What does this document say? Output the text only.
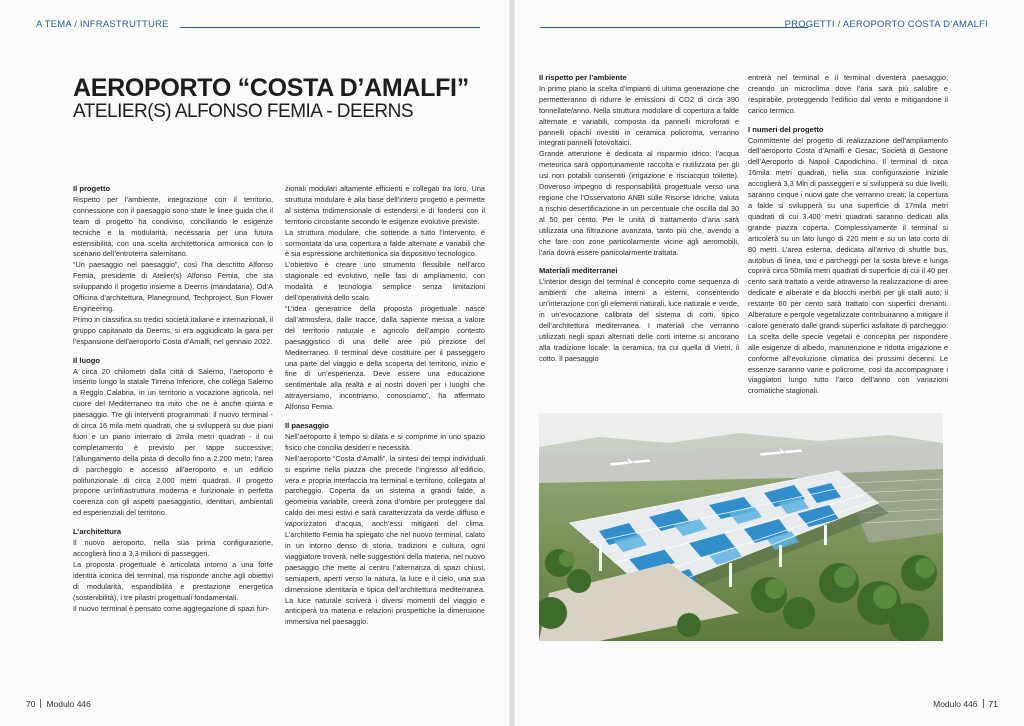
A TEMA / INFRASTRUTTURE	PROGETTI / AEROPORTO COSTA D’AMALFI
AEROPORTO “COSTA D’AMALFI”
ATELIER(S) ALFONSO FEMIA - DEERNS
Il progetto

Rispetto per l’ambiente, integrazione con il territorio, connessione con il paesaggio sono state le linee guida che il team di progetto ha condiviso, conciliando le esigenze tecniche e la modularità, necessaria per una futura estensibilità, con una scelta architettonica armonica con lo scenario dell’entroterra salernitano.

“Un paesaggio nel paesaggio”, così l’ha descritto Alfonso Femia, presidente di Atelier(s) Alfonso Femia, che sta sviluppando il progetto insieme a Deerns (mandataria), Od’A Officina d’architettura, Planeground, Techproject, Sun Flower Engineering.

Primo in classifica su tredici società italiane e internazionali, il gruppo capitanato da Deerns, si era aggiudicato la gara per l’espansione dell’aeroporto Costa d’Amalfi, nel gennaio 2022.

Il luogo

A circa 20 chilometri dalla città di Salerno, l’aeroporto è inserito lungo la statale Tirrena Inferiore, che collega Salerno a Reggio Calabria, in un territorio a vocazione agricola, nel cuore del Mediterraneo tra mito che ne è anche quinta e paesaggio. Tre gli interventi programmati: il nuovo terminal - di circa 16 mila metri quadrati, che si svilupperà su due piani fuori e un piano interrato di 2mila metri quadrati - il cui completamento è previsto per tappe successive; l’allungamento della pista di decollo fino a 2.200 metri; l’area di parcheggio e accesso all’aeroporto e un edificio polifunzionale di circa 2.000 metri quadrati. Il progetto propone un’infrastruttura moderna e funzionale in perfetta coerenza con gli aspetti paesaggistici, identitari, ambientali ed esperienziali del territorio.

L’architettura

Il nuovo aeroporto, nella sua prima configurazione, accoglierà fino a 3,3 milioni di passeggeri.

La proposta progettuale è articolata intorno a una forte identità iconica del terminal, ma risponde anche agli obiettivi di modularità, espandibilità e prestazione energetica (sostenibilità), i tre pilastri progettuali fondamentali.

Il nuovo terminal è pensato come aggregazione di spazi fun-

zionali modulari altamente efficienti e collegati tra loro. Una struttura modulare è alla base dell’intero progetto e permette al sistema tridimensionale di estendersi e di fondersi con il territorio circostante secondo le esigenze evolutive previste.

La struttura modulare, che sottende a tutto l’intervento, è sormontata da una copertura a falde alternate e variabili che è sia espressione architettonica sia dispositivo tecnologico.

L’obiettivo è creare uno strumento flessibile nell’arco stagionale ed evolutivo, nelle fasi di ampliamento, con modalità e tecnologia semplice senza limitazioni dell’operatività dello scalo.

“L’idea generatrice della proposta progettuale nasce dall’atmosfera, dalle tracce, dalla sapiente messa a valore del territorio naturale e agricolo dell’ampio contesto paesaggistico di una delle aree più preziose del Mediterraneo. Il terminal deve costituire per il passeggero una parte del viaggio e della scoperta del territorio, inizio e fine di un’esperienza. Deve essere una educazione sentimentale alla realtà e ai nostri doveri per i luoghi che attraversiamo, incontriamo, conosciamo”, ha affermato Alfonso Femia.

Il paesaggio

Nell’aeroporto il tempo si dilata e si comprime in uno spazio fisico che concilia desideri e necessità.

Nell’aeroporto “Costa d’Amalfi”, la sintesi dei tempi individuali si esprime nella piazza che precede l’ingresso all’edificio, vera e propria interfaccia tra terminal e territorio, collegata al parcheggio. Coperta da un sistema a grandi falde, a geometria variabile, creerà zona d’ombre per proteggere dal caldo dei mesi estivi e sarà caratterizzata da verde diffuso e vaporizzatori d’acqua, anch’essi mitiganti del clima. L’architetto Femia ha spiegato che nel nuovo terminal, calato in un intorno denso di storia, tradizioni e cultura, ogni viaggiatore troverà, nelle suggestioni della materia, nel nuovo paesaggio che mette al centro l’alternanza di spazi chiusi, semiaperti, aperti verso la natura, la luce e il cielo, una sua dimensione identitaria e tipica dell’architettura mediterranea. La luce naturale scriverà i diversi momenti del viaggio e anticiperà tra materia e relazioni prospettiche la dimensione immersiva nel paesaggio.

Il rispetto per l’ambiente

In primo piano la scelta d’impianti di ultima generazione che permetteranno di ridurre le emissioni di CO2 di circa 390 tonnellate/anno. Nella struttura modulare di copertura a falde alternate e variabili, composta da pannelli microforati e pannelli opachi rivestiti in ceramica policroma, verranno integrati pannelli fotovoltaici.

Grande attenzione è dedicata al risparmio idrico: l’acqua meteorica sarà opportunamente raccolta e riutilizzata per gli usi non potabili consentiti (irrigazione e risciacquo toilette). Doveroso impegno di responsabilità progettuale verso una regione che l’Osservatorio ANBI sulle Risorse Idriche, valuta a rischio desertificazione in un percentuale che oscilla dal 30 al 50 per cento. Per le unità di trattamento d’aria sarà utilizzata una filtrazione avanzata, tanto più che, avendo a che fare con zone particolarmente vicine agli aeromobili, l’aria dovrà essere particolarmente trattata.

Materiali mediterranei

L’interior design del terminal è concepito come sequenza di ambienti che alterna interni a esterni, consentendo un’interazione con gli elementi naturali, luce naturale e verde, in un’evocazione calibrata del sistema di corti, tipico dell’architettura mediterranea. I materiali che verranno utilizzati negli spazi alternati delle corti interne si ancorano alla tradizione locale: la ceramica, tra cui quella di Vietri, il cotto. Il paesaggio

entrerà nel terminal e il terminal diventerà paesaggio, creando un microclima dove l’aria sarà più salubre e respirabile, proteggendo l’edificio dal vento e mitigandone il carico termico.

I numeri del progetto

Committente del progetto di realizzazione dell’ampliamento dell’aeroporto Costa d’Amalfi è Gesac, Società di Gestione dell’Aeroporto di Napoli Capodichino. Il terminal di circa 16mila metri quadrati, nella sua configurazione iniziale accoglierà 3,3 Mln di passeggeri e si svilupperà su due livelli; saranno cinque i nuovi gate che verranno creati; la copertura a falde si svilupperà su una superficie di 17mila metri quadrati di cui 3.400 metri quadrati saranno dedicati alla grande piazza coperta. Complessivamente il terminal si articolerà su un lato lungo di 220 metri e su un lato corto di 80 metri. L’area esterna, dedicata all’arrivo di shuttle bus, autobus di linea, taxi e parcheggi per la sosta breve e lunga coprirà circa 50mila metri quadrati di superficie di cui il 40 per cento sarà trattato a verde attraverso la realizzazione di aree dedicate e alberate e da blocchi inerbiti per gli stalli auto; il restante 60 per cento sarà trattato con superfici drenanti. Alberature e pergole vegetalizzate contribuiranno a mitigare il calore generato dalle grandi superfici asfaltate di parcheggio. La scelta delle specie vegetali è concepita per rispondere alle esigenze di albedo, manutenzione e ridotta irrigazione e conforme all’evoluzione climatica dei prossimi decenni. Le essenze saranno varie e policrome, così da accompagnare i viaggiatori lungo tutto l’arco dell’anno con variazioni cromatiche stagionali.

70 Modulo 446	Modulo 446 71
